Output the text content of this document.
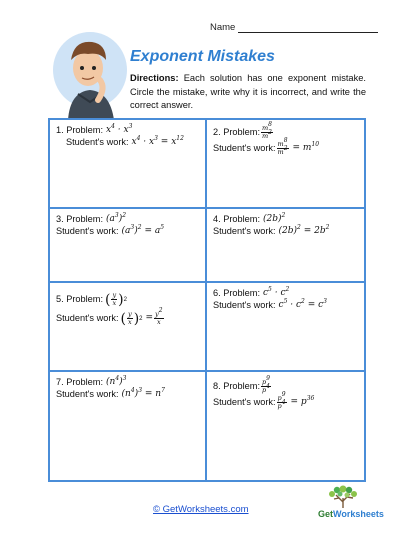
Name
Exponent Mistakes
Directions: Each solution has one exponent mistake. Circle the mistake, write why it is incorrect, and write the correct answer.
1.
Problem: $x^4 \cdot x^3$
Student's work: $x^4 \cdot x^3 = x^{12}$
2.
Problem: $\frac{m^8}{m^2}$
Student's work: $\frac{m^8}{m^2} = m^{10}$
3.
Problem: $(a^3)^2$
Student's work: $(a^3)^2 = a^5$
4.
Problem: $(2b)^2$
Student's work: $(2b)^2 = 2b^2$
5.
Problem: ( $\frac{y}{x}$ ) 2
Student's work: ( $\frac{y}{x}$ ) $2 = \frac{y^2}{x}$
6.
Problem: $c^5 \cdot c^2$
Student's work: $c^5 \cdot c^2 = c^3$
7.
Problem: $(n^4)^3$
Student's work: $(n^4)^3 = n^7$	8.
Problem: $\frac{p^9}{p^4}$
Student's work: $\frac{p^9}{p^4} = p^{36}$
© GetWorksheets.com	GetWorksheets
